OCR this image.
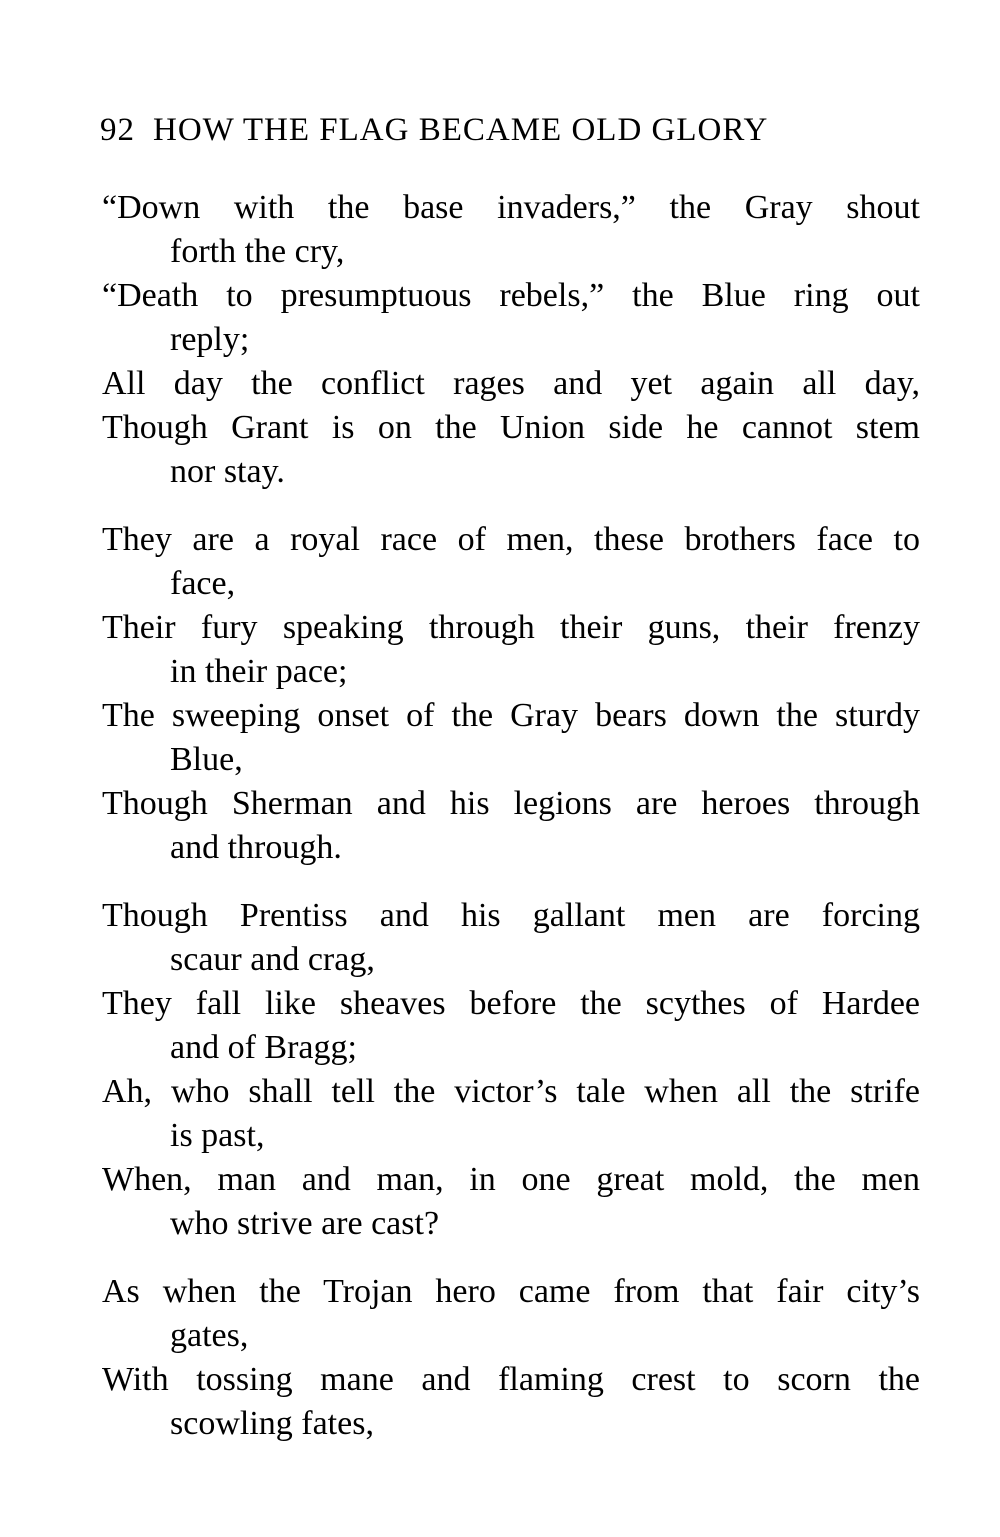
92 HOW THE FLAG BECAME OLD GLORY
“Down with the base invaders,” the Gray shout
forth the cry,
“Death to presumptuous rebels,” the Blue ring out
reply;
All day the conflict rages and yet again all day,
Though Grant is on the Union side he cannot stem
nor stay.
They are a royal race of men, these brothers face to
face,
Their fury speaking through their guns, their frenzy
in their pace;
The sweeping onset of the Gray bears down the sturdy
Blue,
Though Sherman and his legions are heroes through
and through.
Though Prentiss and his gallant men are forcing
scaur and crag,
They fall like sheaves before the scythes of Hardee
and of Bragg;
Ah, who shall tell the victor’s tale when all the strife
is past,
When, man and man, in one great mold, the men
who strive are cast?
As when the Trojan hero came from that fair city’s
gates,
With tossing mane and flaming crest to scorn the
scowling fates,
